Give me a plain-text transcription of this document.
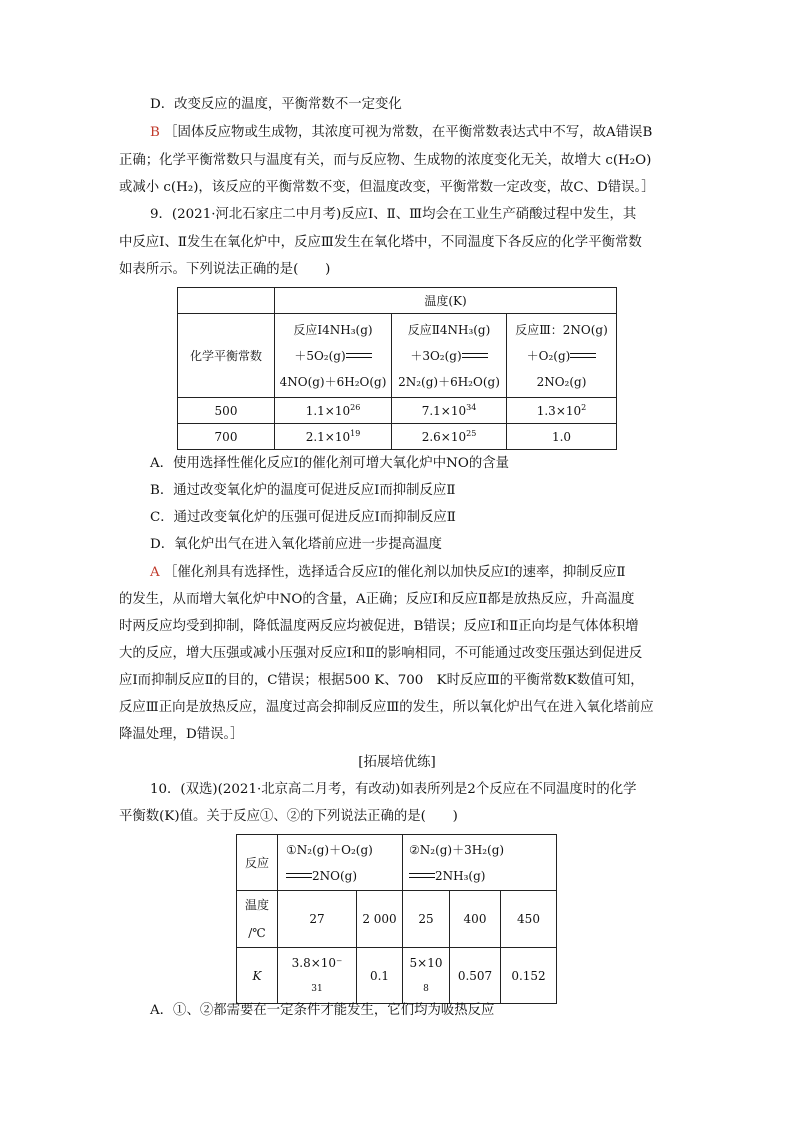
D．改变反应的温度，平衡常数不一定变化
B ［固体反应物或生成物，其浓度可视为常数，在平衡常数表达式中不写，故A错误B
正确；化学平衡常数只与温度有关，而与反应物、生成物的浓度变化无关，故增大 c(H₂O)
或减小 c(H₂)，该反应的平衡常数不变，但温度改变，平衡常数一定改变，故C、D错误。］
9．(2021·河北石家庄二中月考)反应Ⅰ、Ⅱ、Ⅲ均会在工业生产硝酸过程中发生，其
中反应Ⅰ、Ⅱ发生在氧化炉中，反应Ⅲ发生在氧化塔中，不同温度下各反应的化学平衡常数
如表所示。下列说法正确的是(　　)
	温度(K)		
化学平衡常数	反应Ⅰ4NH₃(g)
＋5O₂(g)
4NO(g)＋6H₂O(g)	反应Ⅱ4NH₃(g)
＋3O₂(g)
2N₂(g)＋6H₂O(g)	反应Ⅲ：2NO(g)
＋O₂(g)
2NO₂(g)

500	$1.1\times 10^{26}$	$7.1\times 10^{34}$	$1.3\times 10^2$
700	$2.1\times 10^{19}$	$2.6\times 10^{25}$	1.0
A．使用选择性催化反应Ⅰ的催化剂可增大氧化炉中NO的含量
B．通过改变氧化炉的温度可促进反应Ⅰ而抑制反应Ⅱ
C．通过改变氧化炉的压强可促进反应Ⅰ而抑制反应Ⅱ
D．氧化炉出气在进入氧化塔前应进一步提高温度
A ［催化剂具有选择性，选择适合反应Ⅰ的催化剂以加快反应Ⅰ的速率，抑制反应Ⅱ
的发生，从而增大氧化炉中NO的含量，A正确；反应Ⅰ和反应Ⅱ都是放热反应，升高温度
时两反应均受到抑制，降低温度两反应均被促进，B错误；反应Ⅰ和Ⅱ正向均是气体体积增
大的反应，增大压强或减小压强对反应Ⅰ和Ⅱ的影响相同，不可能通过改变压强达到促进反
应Ⅰ而抑制反应Ⅱ的目的，C错误；根据500 K、700　K时反应Ⅲ的平衡常数K数值可知，
反应Ⅲ正向是放热反应，温度过高会抑制反应Ⅲ的发生，所以氧化炉出气在进入氧化塔前应
降温处理，D错误。］
[拓展培优练]
10．(双选)(2021·北京高二月考，有改动)如表所列是2个反应在不同温度时的化学
平衡数(K)值。关于反应①、②的下列说法正确的是(　　)
反应	①N₂(g)＋O₂(g)
2NO(g)		②N₂(g)＋3H₂(g)
2NH₃(g)		

温度
/℃	27	2 000	25	400	450
K	3.8×10⁻
31	0.1	5×10
8	0.507	0.152
A．①、②都需要在一定条件才能发生，它们均为吸热反应
